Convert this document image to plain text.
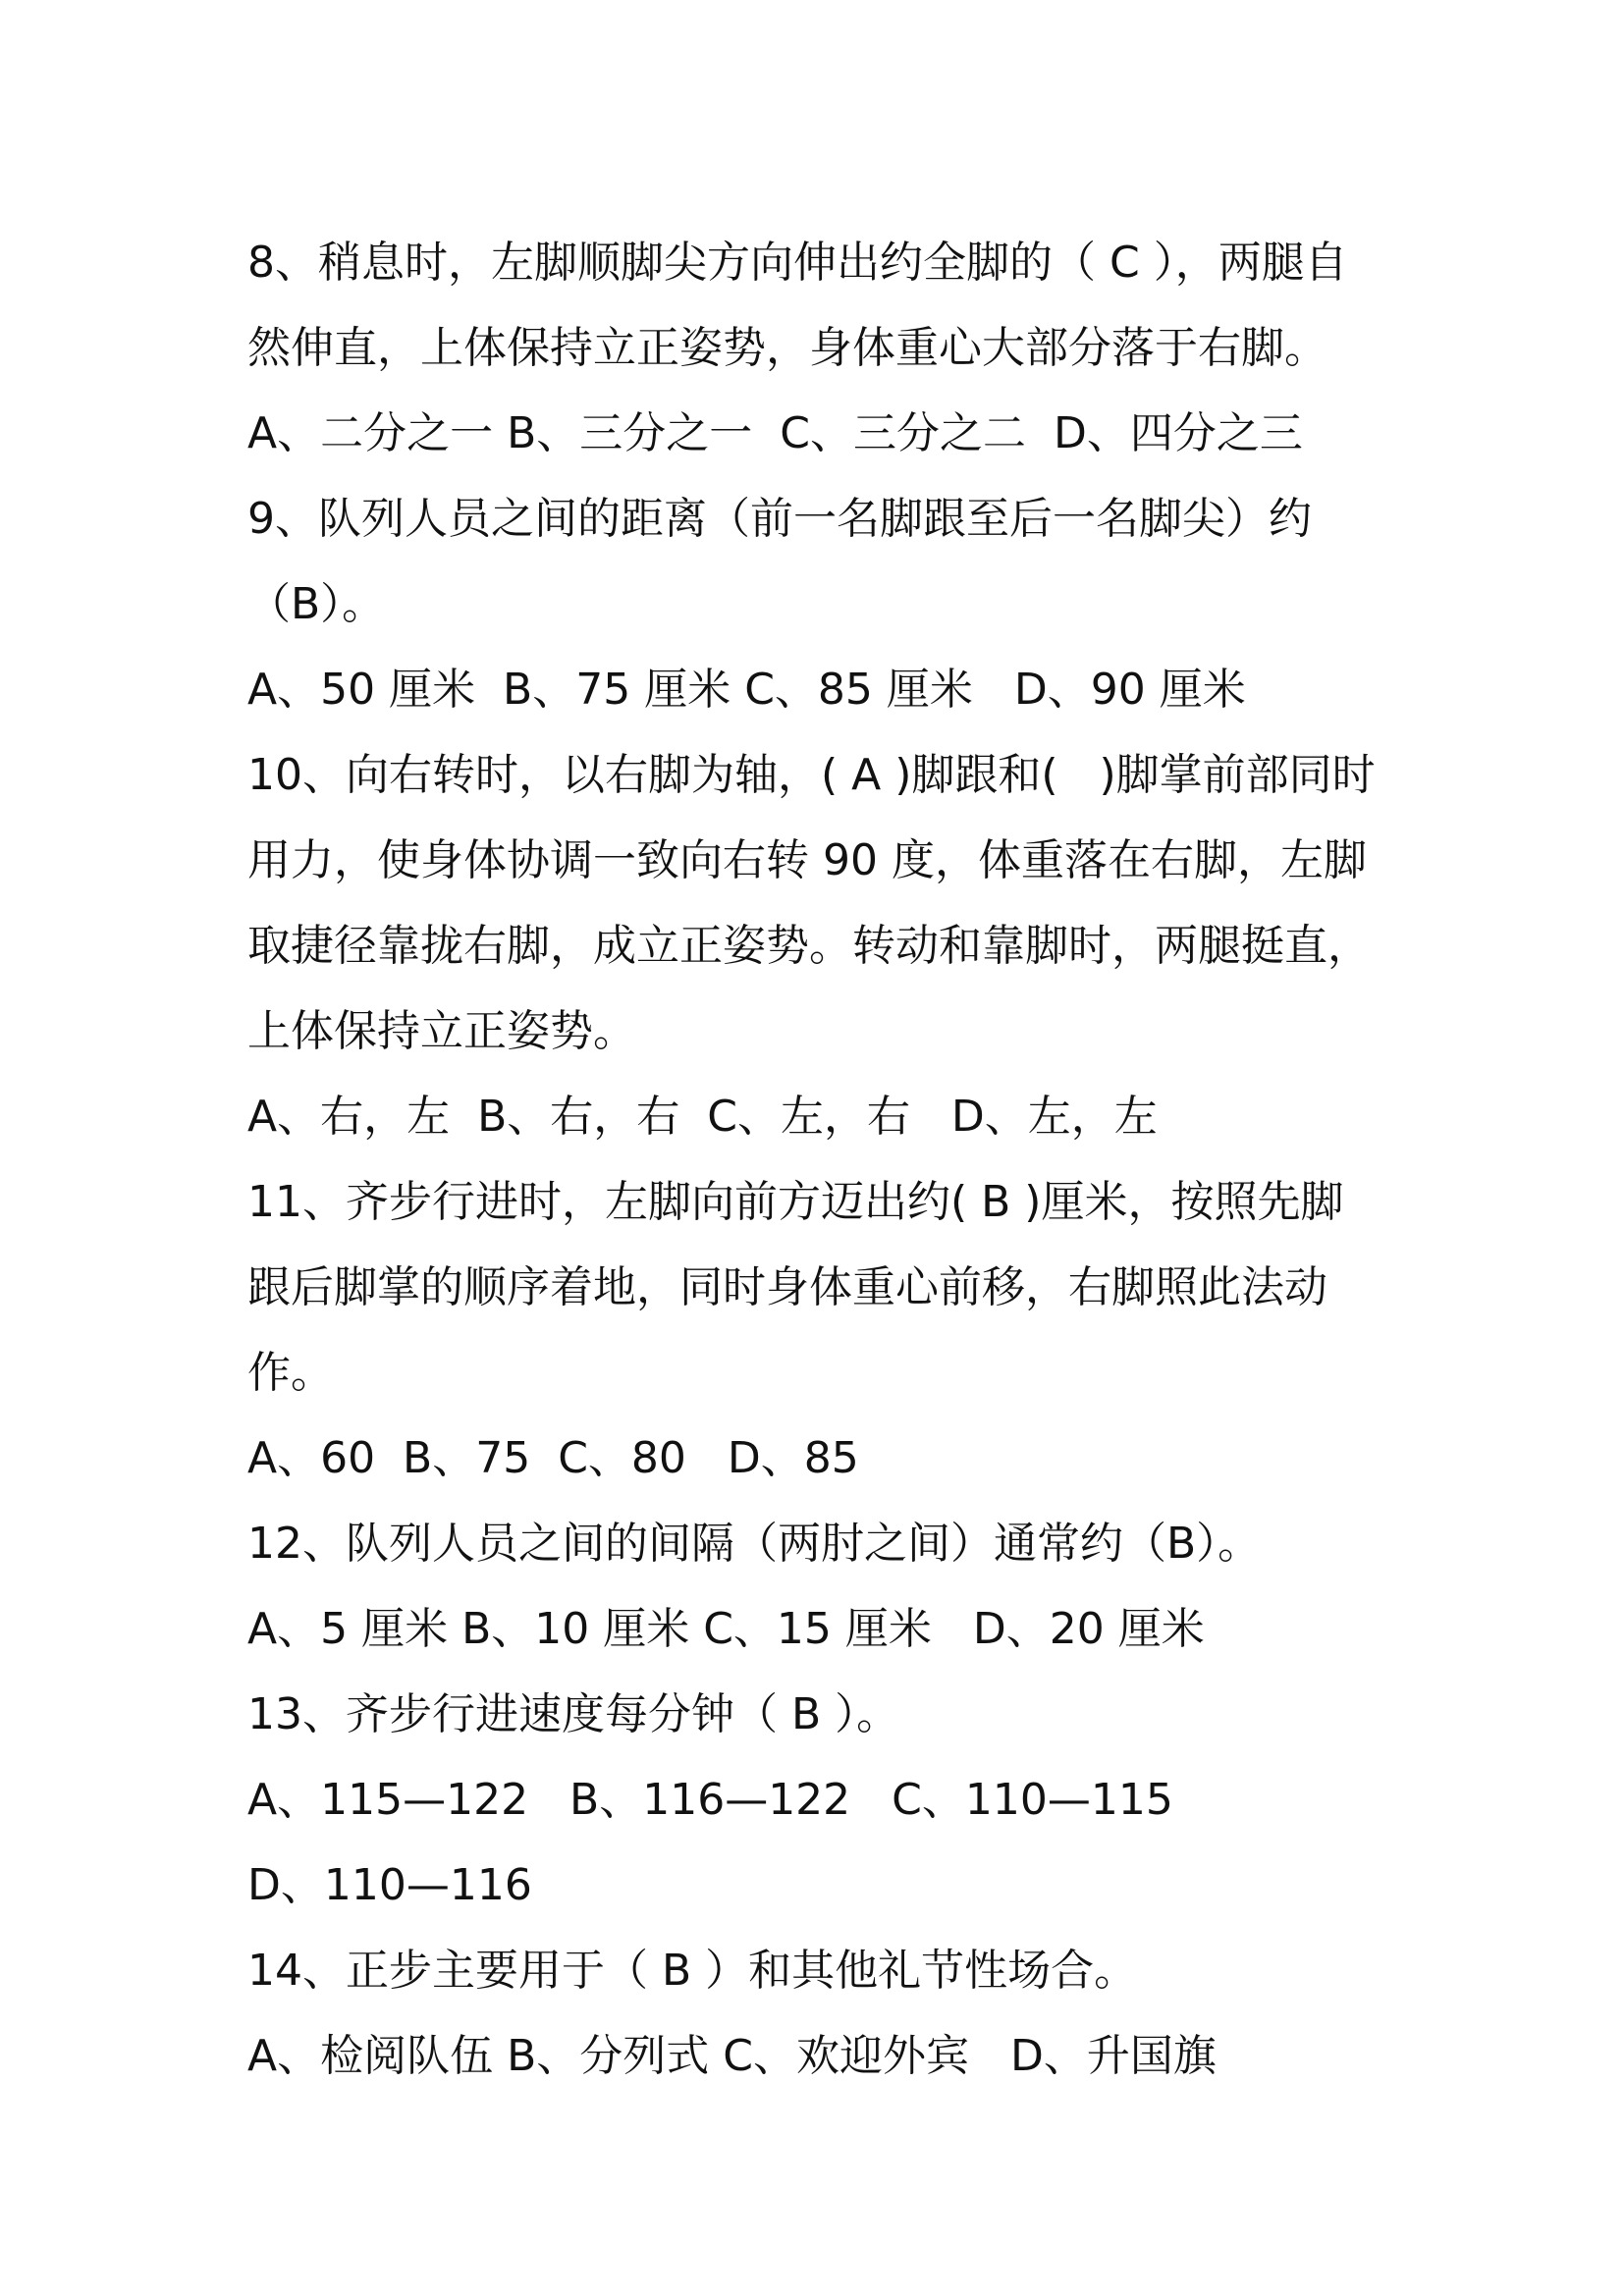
8、稍息时，左脚顺脚尖方向伸出约全脚的（ C ），两腿自
然伸直，上体保持立正姿势，身体重心大部分落于右脚。
A、二分之一 B、三分之一  C、三分之二  D、四分之三
9、队列人员之间的距离（前一名脚跟至后一名脚尖）约
（B）。
A、50 厘米  B、75 厘米 C、85 厘米   D、90 厘米
10、向右转时，以右脚为轴，( A )脚跟和(   )脚掌前部同时
用力，使身体协调一致向右转 90 度，体重落在右脚，左脚
取捷径靠拢右脚，成立正姿势。转动和靠脚时，两腿挺直，
上体保持立正姿势。
A、右，左  B、右，右  C、左，右   D、左，左
11、齐步行进时，左脚向前方迈出约( B )厘米，按照先脚
跟后脚掌的顺序着地，同时身体重心前移，右脚照此法动
作。
A、60  B、75  C、80   D、85
12、队列人员之间的间隔（两肘之间）通常约（B）。
A、5 厘米 B、10 厘米 C、15 厘米   D、20 厘米
13、齐步行进速度每分钟（ B ）。
A、115—122   B、116—122   C、110—115
D、110—116
14、正步主要用于（ B ）和其他礼节性场合。
A、检阅队伍 B、分列式 C、欢迎外宾   D、升国旗
